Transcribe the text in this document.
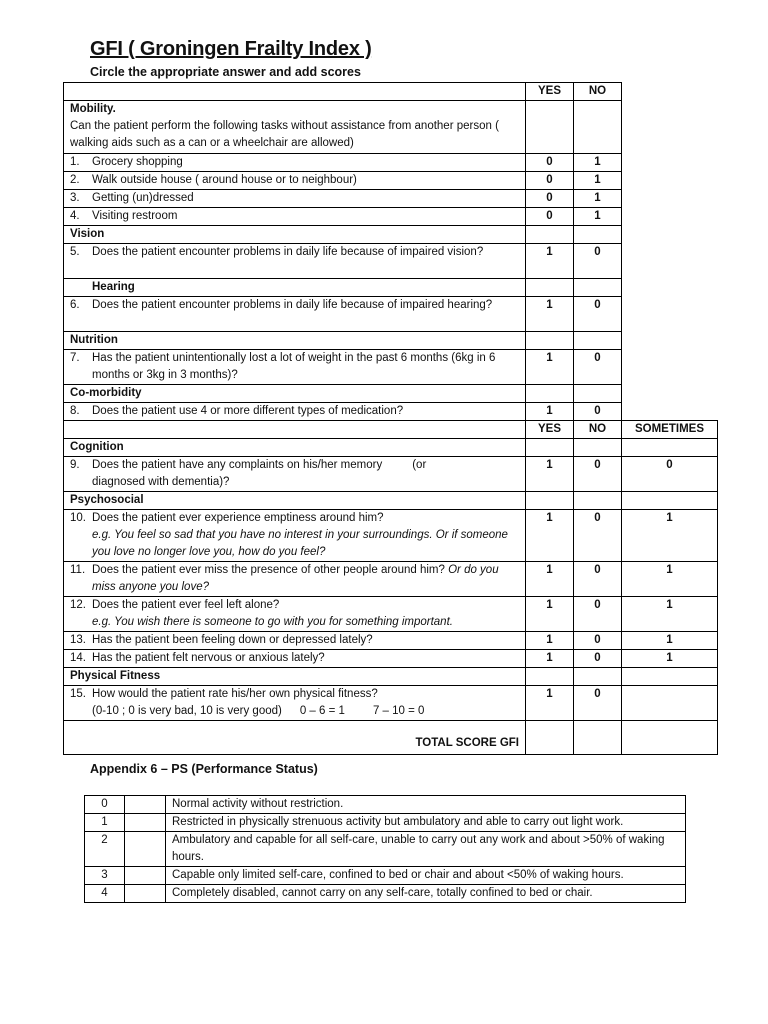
GFI ( Groningen Frailty Index )
Circle the appropriate answer and add scores
	YES	NO	

Mobility.
Can the patient perform the following tasks without assistance from another person ( walking aids such as a can or a wheelchair are allowed)			

1. Grocery shopping	0	1	

2. Walk outside house ( around house or to neighbour)	0	1	

3. Getting (un)dressed	0	1	

4. Visiting restroom	0	1	
Vision			

5. Does the patient encounter problems in daily life because of impaired vision?	1	0	
Hearing			

6. Does the patient encounter problems in daily life because of impaired hearing?	1	0	
Nutrition			

7. Has the patient unintentionally lost a lot of weight in the past 6 months (6kg in 6 months or 3kg in 3 months)?	1	0	
Co-morbidity			

8. Does the patient use 4 or more different types of medication?	1	0	
	YES	NO	SOMETIMES
Cognition			

9. Does the patient have any complaints on his/her memory (or
diagnosed with dementia)?	1	0	0
Psychosocial			

10. Does the patient ever experience emptiness around him?
e.g. You feel so sad that you have no interest in your surroundings. Or if someone you love no longer love you, how do you feel?	1	0	1

11. Does the patient ever miss the presence of other people around him? Or do you miss anyone you love?	1	0	1

12. Does the patient ever feel left alone?
e.g. You wish there is someone to go with you for something important.	1	0	1

13. Has the patient been feeling down or depressed lately?	1	0	1

14. Has the patient felt nervous or anxious lately?	1	0	1
Physical Fitness			

15. How would the patient rate his/her own physical fitness?
(0-10 ; 0 is very bad, 10 is very good) 0 – 6 = 1 7 – 10 = 0	1	0	
TOTAL SCORE GFI			
Appendix 6 – PS (Performance Status)
0		Normal activity without restriction.
1		Restricted in physically strenuous activity but ambulatory and able to carry out light work.
2		Ambulatory and capable for all self-care, unable to carry out any work and about >50% of waking hours.
3		Capable only limited self-care, confined to bed or chair and about <50% of waking hours.
4		Completely disabled, cannot carry on any self-care, totally confined to bed or chair.
